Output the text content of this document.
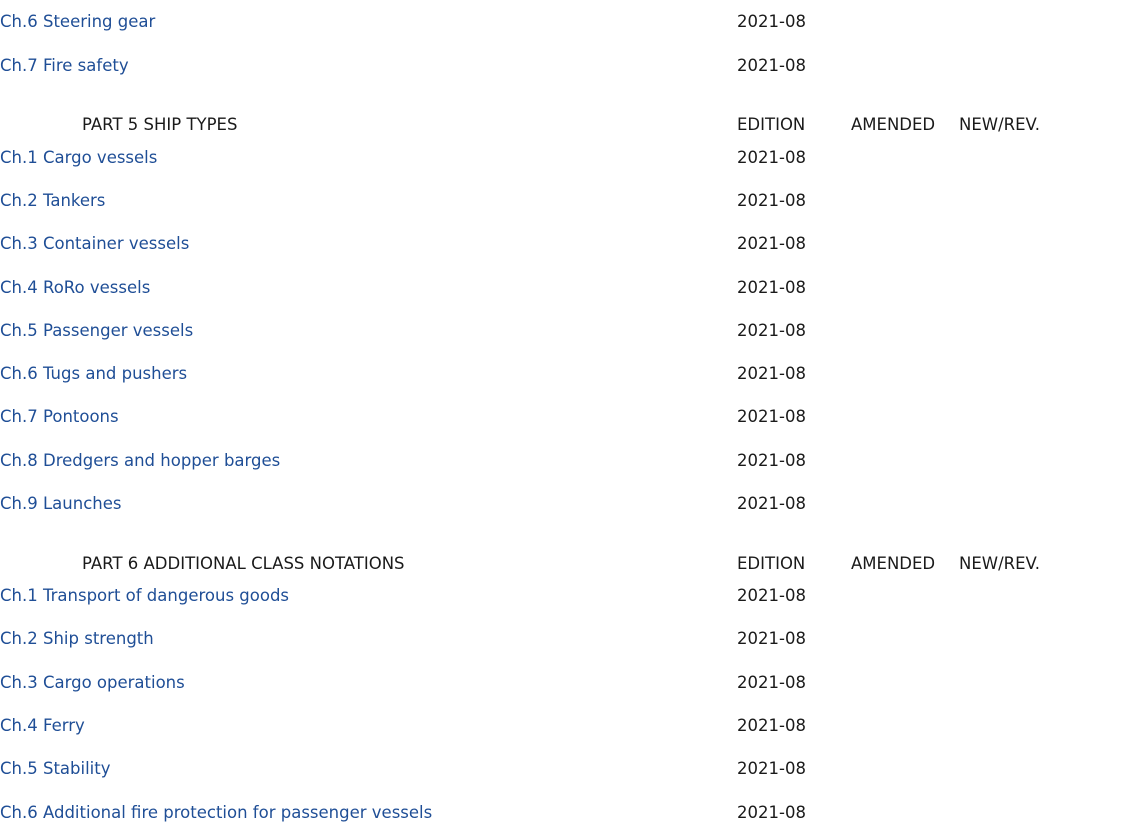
Ch.6 Steering gear	2021-08
Ch.7 Fire safety	2021-08
PART 5 SHIP TYPES	EDITION	AMENDED NEW/REV.
Ch.1 Cargo vessels	2021-08
Ch.2 Tankers	2021-08
Ch.3 Container vessels	2021-08
Ch.4 RoRo vessels	2021-08
Ch.5 Passenger vessels	2021-08
Ch.6 Tugs and pushers	2021-08
Ch.7 Pontoons	2021-08
Ch.8 Dredgers and hopper barges	2021-08
Ch.9 Launches	2021-08
PART 6 ADDITIONAL CLASS NOTATIONS	EDITION	AMENDED NEW/REV.
Ch.1 Transport of dangerous goods	2021-08
Ch.2 Ship strength	2021-08
Ch.3 Cargo operations	2021-08
Ch.4 Ferry	2021-08
Ch.5 Stability	2021-08
Ch.6 Additional fire protection for passenger vessels	2021-08
